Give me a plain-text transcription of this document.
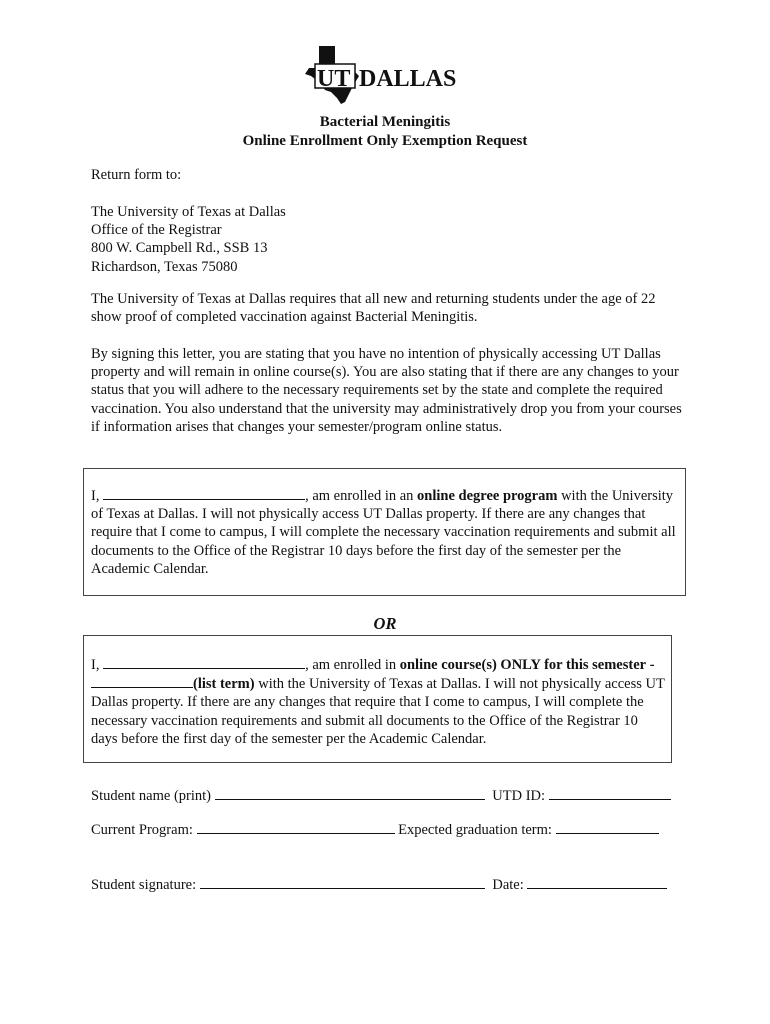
UT DALLAS
Bacterial Meningitis
Online Enrollment Only Exemption Request
Return form to:
The University of Texas at Dallas
Office of the Registrar
800 W. Campbell Rd., SSB 13
Richardson, Texas 75080
The University of Texas at Dallas requires that all new and returning students under the age of 22 show proof of completed vaccination against Bacterial Meningitis.
By signing this letter, you are stating that you have no intention of physically accessing UT Dallas property and will remain in online course(s). You are also stating that if there are any changes to your status that you will adhere to the necessary requirements set by the state and complete the required vaccination. You also understand that the university may administratively drop you from your courses if information arises that changes your semester/program online status.
I,	, am enrolled in an online degree program with the University of Texas at Dallas. I will not physically access UT Dallas property. If there are any changes that require that I come to campus, I will complete the necessary vaccination requirements and submit all documents to the Office of the Registrar 10 days before the first day of the semester per the Academic Calendar.
OR
I,	, am enrolled in online course(s) ONLY for this semester - (list term) with the University of Texas at Dallas. I will not physically access UT Dallas property. If there are any changes that require that I come to campus, I will complete the necessary vaccination requirements and submit all documents to the Office of the Registrar 10 days before the first day of the semester per the Academic Calendar.
Student name (print)	UTD ID:
Current Program:	Expected graduation term:
Student signature:	Date:
